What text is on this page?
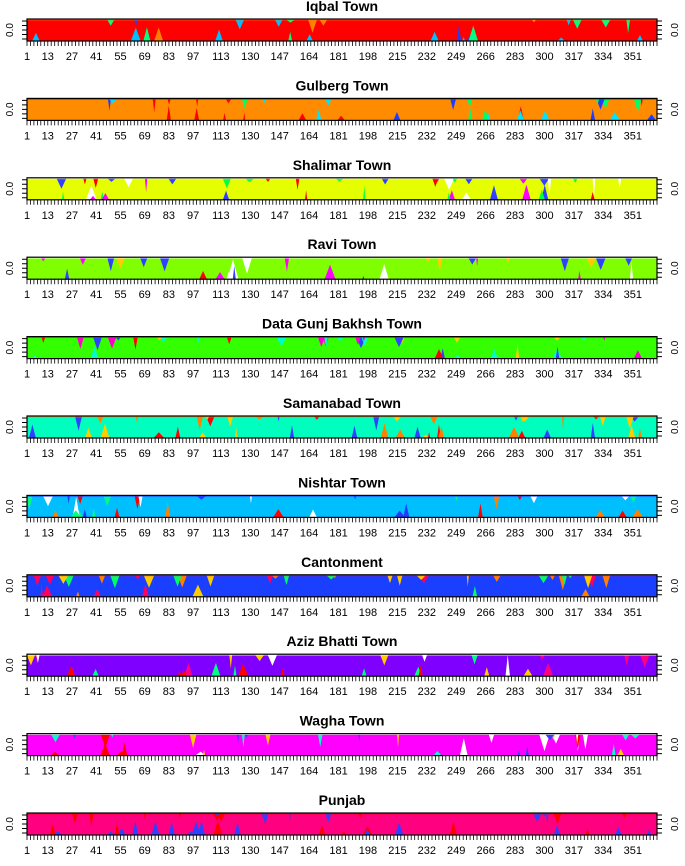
Iqbal Town
1 13 27 41 55 69 83 97 113 130 147 164 181 198 215 232 249 266 283 300 317 334 351
0.0	0.0
Gulberg Town
1 13 27 41 55 69 83 97 113 130 147 164 181 198 215 232 249 266 283 300 317 334 351
0.0	0.0
Shalimar Town
1 13 27 41 55 69 83 97 113 130 147 164 181 198 215 232 249 266 283 300 317 334 351
0.0	0.0
Ravi Town
1 13 27 41 55 69 83 97 113 130 147 164 181 198 215 232 249 266 283 300 317 334 351
0.0	0.0
Data Gunj Bakhsh Town
1 13 27 41 55 69 83 97 113 130 147 164 181 198 215 232 249 266 283 300 317 334 351
0.0	0.0
Samanabad Town
1 13 27 41 55 69 83 97 113 130 147 164 181 198 215 232 249 266 283 300 317 334 351
0.0	0.0
Nishtar Town
1 13 27 41 55 69 83 97 113 130 147 164 181 198 215 232 249 266 283 300 317 334 351
0.0	0.0
Cantonment
1 13 27 41 55 69 83 97 113 130 147 164 181 198 215 232 249 266 283 300 317 334 351
0.0	0.0
Aziz Bhatti Town
1 13 27 41 55 69 83 97 113 130 147 164 181 198 215 232 249 266 283 300 317 334 351
0.0	0.0
Wagha Town
1 13 27 41 55 69 83 97 113 130 147 164 181 198 215 232 249 266 283 300 317 334 351
0.0	0.0
Punjab
1 13 27 41 55 69 83 97 113 130 147 164 181 198 215 232 249 266 283 300 317 334 351
0.0	0.0
